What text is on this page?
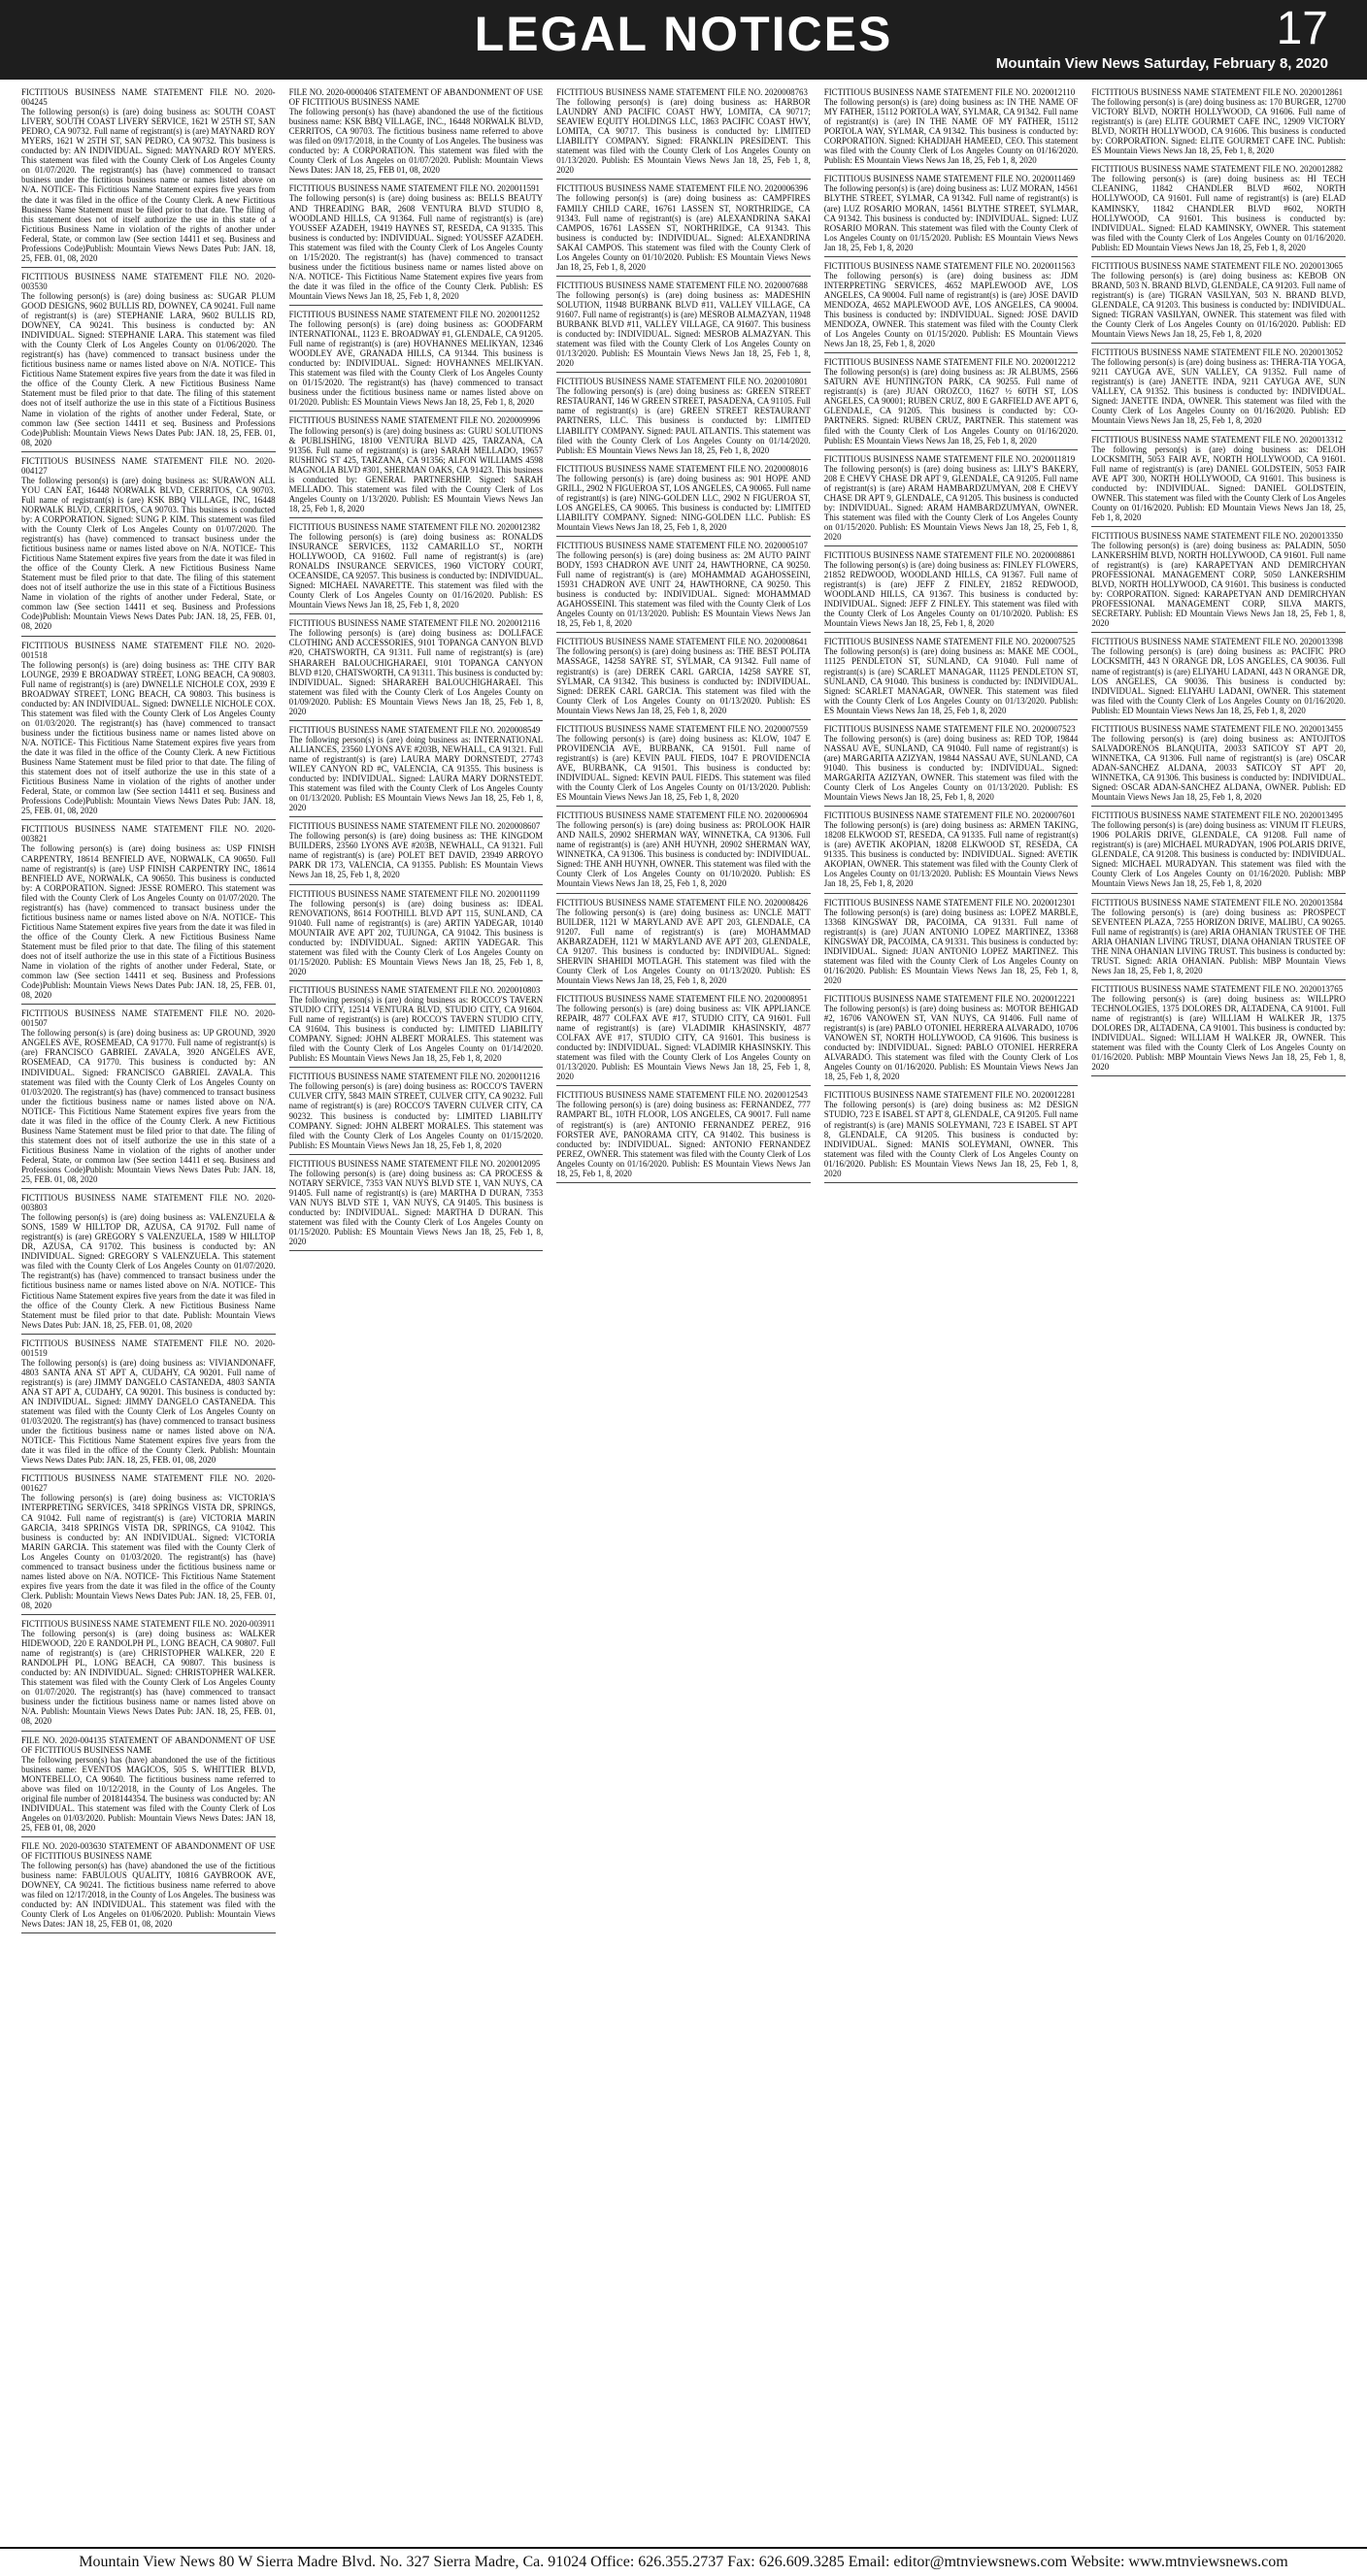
LEGAL NOTICES	17
Mountain View News Saturday, February 8, 2020
FICTITIOUS BUSINESS NAME STATEMENT FILE NO. 2020-004245
The following person(s) is (are) doing business as: SOUTH COAST LIVERY, SOUTH COAST LIVERY SERVICE, 1621 W 25TH ST, SAN PEDRO, CA 90732. Full name of registrant(s) is (are) MAYNARD ROY MYERS, 1621 W 25TH ST, SAN PEDRO, CA 90732. This business is conducted by: AN INDIVIDUAL. Signed: MAYNARD ROY MYERS. This statement was filed with the County Clerk of Los Angeles County on 01/07/2020. The registrant(s) has (have) commenced to transact business under the fictitious business name or names listed above on N/A. NOTICE- This Fictitious Name Statement expires five years from the date it was filed in the office of the County Clerk. A new Fictitious Business Name Statement must be filed prior to that date. The filing of this statement does not of itself authorize the use in this state of a Fictitious Business Name in violation of the rights of another under Federal, State, or common law (See section 14411 et seq. Business and Professions Code)Publish: Mountain Views News Dates Pub: JAN. 18, 25, FEB. 01, 08, 2020
FICTITIOUS BUSINESS NAME STATEMENT FILE NO. 2020-003530
The following person(s) is (are) doing business as: SUGAR PLUM GOOD DESIGNS, 9602 BULLIS RD, DOWNEY, CA 90241. Full name of registrant(s) is (are) STEPHANIE LARA, 9602 BULLIS RD, DOWNEY, CA 90241. This business is conducted by: AN INDIVIDUAL. Signed: STEPHANIE LARA. This statement was filed with the County Clerk of Los Angeles County on 01/06/2020. The registrant(s) has (have) commenced to transact business under the fictitious business name or names listed above on N/A. NOTICE- This Fictitious Name Statement expires five years from the date it was filed in the office of the County Clerk. A new Fictitious Business Name Statement must be filed prior to that date. The filing of this statement does not of itself authorize the use in this state of a Fictitious Business Name in violation of the rights of another under Federal, State, or common law (See section 14411 et seq. Business and Professions Code)Publish: Mountain Views News Dates Pub: JAN. 18, 25, FEB. 01, 08, 2020
FICTITIOUS BUSINESS NAME STATEMENT FILE NO. 2020-004127
The following person(s) is (are) doing business as: SURAWON ALL YOU CAN EAT, 16448 NORWALK BLVD, CERRITOS, CA 90703. Full name of registrant(s) is (are) KSK BBQ VILLAGE, INC, 16448 NORWALK BLVD, CERRITOS, CA 90703. This business is conducted by: A CORPORATION. Signed: SUNG P. KIM. This statement was filed with the County Clerk of Los Angeles County on 01/07/2020. The registrant(s) has (have) commenced to transact business under the fictitious business name or names listed above on N/A. NOTICE- This Fictitious Name Statement expires five years from the date it was filed in the office of the County Clerk. A new Fictitious Business Name Statement must be filed prior to that date. The filing of this statement does not of itself authorize the use in this state of a Fictitious Business Name in violation of the rights of another under Federal, State, or common law (See section 14411 et seq. Business and Professions Code)Publish: Mountain Views News Dates Pub: JAN. 18, 25, FEB. 01, 08, 2020
FICTITIOUS BUSINESS NAME STATEMENT FILE NO. 2020-001518
The following person(s) is (are) doing business as: THE CITY BAR LOUNGE, 2939 E BROADWAY STREET, LONG BEACH, CA 90803. Full name of registrant(s) is (are) DWNELLE NICHOLE COX, 2939 E BROADWAY STREET, LONG BEACH, CA 90803. This business is conducted by: AN INDIVIDUAL. Signed: DWNELLE NICHOLE COX. This statement was filed with the County Clerk of Los Angeles County on 01/03/2020. The registrant(s) has (have) commenced to transact business under the fictitious business name or names listed above on N/A. NOTICE- This Fictitious Name Statement expires five years from the date it was filed in the office of the County Clerk. A new Fictitious Business Name Statement must be filed prior to that date. The filing of this statement does not of itself authorize the use in this state of a Fictitious Business Name in violation of the rights of another under Federal, State, or common law (See section 14411 et seq. Business and Professions Code)Publish: Mountain Views News Dates Pub: JAN. 18, 25, FEB. 01, 08, 2020
FICTITIOUS BUSINESS NAME STATEMENT FILE NO. 2020-003821
The following person(s) is (are) doing business as: USP FINISH CARPENTRY, 18614 BENFIELD AVE, NORWALK, CA 90650. Full name of registrant(s) is (are) USP FINISH CARPENTRY INC, 18614 BENFIELD AVE, NORWALK, CA 90650. This business is conducted by: A CORPORATION. Signed: JESSE ROMERO. This statement was filed with the County Clerk of Los Angeles County on 01/07/2020. The registrant(s) has (have) commenced to transact business under the fictitious business name or names listed above on N/A. NOTICE- This Fictitious Name Statement expires five years from the date it was filed in the office of the County Clerk. A new Fictitious Business Name Statement must be filed prior to that date. The filing of this statement does not of itself authorize the use in this state of a Fictitious Business Name in violation of the rights of another under Federal, State, or common law (See section 14411 et seq. Business and Professions Code)Publish: Mountain Views News Dates Pub: JAN. 18, 25, FEB. 01, 08, 2020
FICTITIOUS BUSINESS NAME STATEMENT FILE NO. 2020-001507
The following person(s) is (are) doing business as: UP GROUND, 3920 ANGELES AVE, ROSEMEAD, CA 91770. Full name of registrant(s) is (are) FRANCISCO GABRIEL ZAVALA, 3920 ANGELES AVE, ROSEMEAD, CA 91770. This business is conducted by: AN INDIVIDUAL. Signed: FRANCISCO GABRIEL ZAVALA. This statement was filed with the County Clerk of Los Angeles County on 01/03/2020. The registrant(s) has (have) commenced to transact business under the fictitious business name or names listed above on N/A. NOTICE- This Fictitious Name Statement expires five years from the date it was filed in the office of the County Clerk. A new Fictitious Business Name Statement must be filed prior to that date. The filing of this statement does not of itself authorize the use in this state of a Fictitious Business Name in violation of the rights of another under Federal, State, or common law (See section 14411 et seq. Business and Professions Code)Publish: Mountain Views News Dates Pub: JAN. 18, 25, FEB. 01, 08, 2020
FICTITIOUS BUSINESS NAME STATEMENT FILE NO. 2020-003803
The following person(s) is (are) doing business as: VALENZUELA & SONS, 1589 W HILLTOP DR, AZUSA, CA 91702. Full name of registrant(s) is (are) GREGORY S VALENZUELA, 1589 W HILLTOP DR, AZUSA, CA 91702. This business is conducted by: AN INDIVIDUAL. Signed: GREGORY S VALENZUELA. This statement was filed with the County Clerk of Los Angeles County on 01/07/2020. The registrant(s) has (have) commenced to transact business under the fictitious business name or names listed above on N/A. NOTICE- This Fictitious Name Statement expires five years from the date it was filed in the office of the County Clerk. A new Fictitious Business Name Statement must be filed prior to that date. Publish: Mountain Views News Dates Pub: JAN. 18, 25, FEB. 01, 08, 2020
FICTITIOUS BUSINESS NAME STATEMENT FILE NO. 2020-001519
The following person(s) is (are) doing business as: VIVIANDONAFF, 4803 SANTA ANA ST APT A, CUDAHY, CA 90201. Full name of registrant(s) is (are) JIMMY DANGELO CASTANEDA, 4803 SANTA ANA ST APT A, CUDAHY, CA 90201. This business is conducted by: AN INDIVIDUAL. Signed: JIMMY DANGELO CASTANEDA. This statement was filed with the County Clerk of Los Angeles County on 01/03/2020. The registrant(s) has (have) commenced to transact business under the fictitious business name or names listed above on N/A. NOTICE- This Fictitious Name Statement expires five years from the date it was filed in the office of the County Clerk. Publish: Mountain Views News Dates Pub: JAN. 18, 25, FEB. 01, 08, 2020
FICTITIOUS BUSINESS NAME STATEMENT FILE NO. 2020-001627
The following person(s) is (are) doing business as: VICTORIA'S INTERPRETING SERVICES, 3418 SPRINGS VISTA DR, SPRINGS, CA 91042. Full name of registrant(s) is (are) VICTORIA MARIN GARCIA, 3418 SPRINGS VISTA DR, SPRINGS, CA 91042. This business is conducted by: AN INDIVIDUAL. Signed: VICTORIA MARIN GARCIA. This statement was filed with the County Clerk of Los Angeles County on 01/03/2020. The registrant(s) has (have) commenced to transact business under the fictitious business name or names listed above on N/A. NOTICE- This Fictitious Name Statement expires five years from the date it was filed in the office of the County Clerk. Publish: Mountain Views News Dates Pub: JAN. 18, 25, FEB. 01, 08, 2020
FICTITIOUS BUSINESS NAME STATEMENT FILE NO. 2020-003911
The following person(s) is (are) doing business as: WALKER HIDEWOOD, 220 E RANDOLPH PL, LONG BEACH, CA 90807. Full name of registrant(s) is (are) CHRISTOPHER WALKER, 220 E RANDOLPH PL, LONG BEACH, CA 90807. This business is conducted by: AN INDIVIDUAL. Signed: CHRISTOPHER WALKER. This statement was filed with the County Clerk of Los Angeles County on 01/07/2020. The registrant(s) has (have) commenced to transact business under the fictitious business name or names listed above on N/A. Publish: Mountain Views News Dates Pub: JAN. 18, 25, FEB. 01, 08, 2020
FILE NO. 2020-004135 STATEMENT OF ABANDONMENT OF USE OF FICTITIOUS BUSINESS NAME
The following person(s) has (have) abandoned the use of the fictitious business name: EVENTOS MAGICOS, 505 S. WHITTIER BLVD, MONTEBELLO, CA 90640. The fictitious business name referred to above was filed on 10/12/2018, in the County of Los Angeles. The original file number of 2018144354. The business was conducted by: AN INDIVIDUAL. This statement was filed with the County Clerk of Los Angeles on 01/03/2020. Publish: Mountain Views News Dates: JAN 18, 25, FEB 01, 08, 2020
FILE NO. 2020-003630 STATEMENT OF ABANDONMENT OF USE OF FICTITIOUS BUSINESS NAME
The following person(s) has (have) abandoned the use of the fictitious business name: FABULOUS QUALITY, 10816 GAYBROOK AVE, DOWNEY, CA 90241. The fictitious business name referred to above was filed on 12/17/2018, in the County of Los Angeles. The business was conducted by: AN INDIVIDUAL. This statement was filed with the County Clerk of Los Angeles on 01/06/2020. Publish: Mountain Views News Dates: JAN 18, 25, FEB 01, 08, 2020
FILE NO. 2020-0000406 STATEMENT OF ABANDONMENT OF USE OF FICTITIOUS BUSINESS NAME
The following person(s) has (have) abandoned the use of the fictitious business name: KSK BBQ VILLAGE, INC., 16448 NORWALK BLVD, CERRITOS, CA 90703. The fictitious business name referred to above was filed on 09/17/2018, in the County of Los Angeles. The business was conducted by: A CORPORATION. This statement was filed with the County Clerk of Los Angeles on 01/07/2020. Publish: Mountain Views News Dates: JAN 18, 25, FEB 01, 08, 2020
FICTITIOUS BUSINESS NAME STATEMENT FILE NO. 2020011591
The following person(s) is (are) doing business as: BELLS BEAUTY AND THREADING BAR, 2608 VENTURA BLVD STUDIO 8, WOODLAND HILLS, CA 91364. Full name of registrant(s) is (are) YOUSSEF AZADEH, 19419 HAYNES ST, RESEDA, CA 91335. This business is conducted by: INDIVIDUAL. Signed: YOUSSEF AZADEH. This statement was filed with the County Clerk of Los Angeles County on 1/15/2020. The registrant(s) has (have) commenced to transact business under the fictitious business name or names listed above on N/A. NOTICE- This Fictitious Name Statement expires five years from the date it was filed in the office of the County Clerk. Publish: ES Mountain Views News Jan 18, 25, Feb 1, 8, 2020
FICTITIOUS BUSINESS NAME STATEMENT FILE NO. 2020011252
The following person(s) is (are) doing business as: GOODFARM INTERNATIONAL, 1123 E. BROADWAY #1, GLENDALE, CA 91205. Full name of registrant(s) is (are) HOVHANNES MELIKYAN, 12346 WOODLEY AVE, GRANADA HILLS, CA 91344. This business is conducted by: INDIVIDUAL. Signed: HOVHANNES MELIKYAN. This statement was filed with the County Clerk of Los Angeles County on 01/15/2020. The registrant(s) has (have) commenced to transact business under the fictitious business name or names listed above on 01/2020. Publish: ES Mountain Views News Jan 18, 25, Feb 1, 8, 2020
FICTITIOUS BUSINESS NAME STATEMENT FILE NO. 2020009996
The following person(s) is (are) doing business as: GURU SOLUTIONS & PUBLISHING, 18100 VENTURA BLVD 425, TARZANA, CA 91356. Full name of registrant(s) is (are) SARAH MELLADO, 19657 RUSHING ST 425, TARZANA, CA 91356; ALFON WILLIAMS 4598 MAGNOLIA BLVD #301, SHERMAN OAKS, CA 91423. This business is conducted by: GENERAL PARTNERSHIP. Signed: SARAH MELLADO. This statement was filed with the County Clerk of Los Angeles County on 1/13/2020. Publish: ES Mountain Views News Jan 18, 25, Feb 1, 8, 2020
FICTITIOUS BUSINESS NAME STATEMENT FILE NO. 2020012382
The following person(s) is (are) doing business as: RONALDS INSURANCE SERVICES, 1132 CAMARILLO ST., NORTH HOLLYWOOD, CA 91602. Full name of registrant(s) is (are) RONALDS INSURANCE SERVICES, 1960 VICTORY COURT, OCEANSIDE, CA 92057. This business is conducted by: INDIVIDUAL. Signed: MICHAEL NAVARETTE. This statement was filed with the County Clerk of Los Angeles County on 01/16/2020. Publish: ES Mountain Views News Jan 18, 25, Feb 1, 8, 2020
FICTITIOUS BUSINESS NAME STATEMENT FILE NO. 2020012116
The following person(s) is (are) doing business as: DOLLFACE CLOTHING AND ACCESSORIES, 9101 TOPANGA CANYON BLVD #20, CHATSWORTH, CA 91311. Full name of registrant(s) is (are) SHARAREH BALOUCHIGHARAEI, 9101 TOPANGA CANYON BLVD #120, CHATSWORTH, CA 91311. This business is conducted by: INDIVIDUAL. Signed: SHARAREH BALOUCHIGHARAEI. This statement was filed with the County Clerk of Los Angeles County on 01/09/2020. Publish: ES Mountain Views News Jan 18, 25, Feb 1, 8, 2020
FICTITIOUS BUSINESS NAME STATEMENT FILE NO. 2020008549
The following person(s) is (are) doing business as: INTERNATIONAL ALLIANCES, 23560 LYONS AVE #203B, NEWHALL, CA 91321. Full name of registrant(s) is (are) LAURA MARY DORNSTEDT, 27743 WILEY CANYON RD #C, VALENCIA, CA 91355. This business is conducted by: INDIVIDUAL. Signed: LAURA MARY DORNSTEDT. This statement was filed with the County Clerk of Los Angeles County on 01/13/2020. Publish: ES Mountain Views News Jan 18, 25, Feb 1, 8, 2020
FICTITIOUS BUSINESS NAME STATEMENT FILE NO. 2020008607
The following person(s) is (are) doing business as: THE KINGDOM BUILDERS, 23560 LYONS AVE #203B, NEWHALL, CA 91321. Full name of registrant(s) is (are) POLET BET DAVID, 23949 ARROYO PARK DR 173, VALENCIA, CA 91355. Publish: ES Mountain Views News Jan 18, 25, Feb 1, 8, 2020
FICTITIOUS BUSINESS NAME STATEMENT FILE NO. 2020011199
The following person(s) is (are) doing business as: IDEAL RENOVATIONS, 8614 FOOTHILL BLVD APT 115, SUNLAND, CA 91040. Full name of registrant(s) is (are) ARTIN YADEGAR, 10140 MOUNTAIR AVE APT 202, TUJUNGA, CA 91042. This business is conducted by: INDIVIDUAL. Signed: ARTIN YADEGAR. This statement was filed with the County Clerk of Los Angeles County on 01/15/2020. Publish: ES Mountain Views News Jan 18, 25, Feb 1, 8, 2020
FICTITIOUS BUSINESS NAME STATEMENT FILE NO. 2020010803
The following person(s) is (are) doing business as: ROCCO'S TAVERN STUDIO CITY, 12514 VENTURA BLVD, STUDIO CITY, CA 91604. Full name of registrant(s) is (are) ROCCO'S TAVERN STUDIO CITY, CA 91604. This business is conducted by: LIMITED LIABILITY COMPANY. Signed: JOHN ALBERT MORALES. This statement was filed with the County Clerk of Los Angeles County on 01/14/2020. Publish: ES Mountain Views News Jan 18, 25, Feb 1, 8, 2020
FICTITIOUS BUSINESS NAME STATEMENT FILE NO. 2020011216
The following person(s) is (are) doing business as: ROCCO'S TAVERN CULVER CITY, 5843 MAIN STREET, CULVER CITY, CA 90232. Full name of registrant(s) is (are) ROCCO'S TAVERN CULVER CITY, CA 90232. This business is conducted by: LIMITED LIABILITY COMPANY. Signed: JOHN ALBERT MORALES. This statement was filed with the County Clerk of Los Angeles County on 01/15/2020. Publish: ES Mountain Views News Jan 18, 25, Feb 1, 8, 2020
FICTITIOUS BUSINESS NAME STATEMENT FILE NO. 2020012095
The following person(s) is (are) doing business as: CA PROCESS & NOTARY SERVICE, 7353 VAN NUYS BLVD STE 1, VAN NUYS, CA 91405. Full name of registrant(s) is (are) MARTHA D DURAN, 7353 VAN NUYS BLVD STE 1, VAN NUYS, CA 91405. This business is conducted by: INDIVIDUAL. Signed: MARTHA D DURAN. This statement was filed with the County Clerk of Los Angeles County on 01/15/2020. Publish: ES Mountain Views News Jan 18, 25, Feb 1, 8, 2020
FICTITIOUS BUSINESS NAME STATEMENT FILE NO. 2020008763
The following person(s) is (are) doing business as: HARBOR LAUNDRY AND PACIFIC COAST HWY, LOMITA, CA 90717; SEAVIEW EQUITY HOLDINGS LLC, 1863 PACIFIC COAST HWY, LOMITA, CA 90717. This business is conducted by: LIMITED LIABILITY COMPANY. Signed: FRANKLIN PRESIDENT. This statement was filed with the County Clerk of Los Angeles County on 01/13/2020. Publish: ES Mountain Views News Jan 18, 25, Feb 1, 8, 2020
FICTITIOUS BUSINESS NAME STATEMENT FILE NO. 2020006396
The following person(s) is (are) doing business as: CAMPFIRES FAMILY CHILD CARE, 16761 LASSEN ST, NORTHRIDGE, CA 91343. Full name of registrant(s) is (are) ALEXANDRINA SAKAI CAMPOS, 16761 LASSEN ST, NORTHRIDGE, CA 91343. This business is conducted by: INDIVIDUAL. Signed: ALEXANDRINA SAKAI CAMPOS. This statement was filed with the County Clerk of Los Angeles County on 01/10/2020. Publish: ES Mountain Views News Jan 18, 25, Feb 1, 8, 2020
FICTITIOUS BUSINESS NAME STATEMENT FILE NO. 2020007688
The following person(s) is (are) doing business as: MADESHIN SOLUTION, 11948 BURBANK BLVD #11, VALLEY VILLAGE, CA 91607. Full name of registrant(s) is (are) MESROB ALMAZYAN, 11948 BURBANK BLVD #11, VALLEY VILLAGE, CA 91607. This business is conducted by: INDIVIDUAL. Signed: MESROB ALMAZYAN. This statement was filed with the County Clerk of Los Angeles County on 01/13/2020. Publish: ES Mountain Views News Jan 18, 25, Feb 1, 8, 2020
FICTITIOUS BUSINESS NAME STATEMENT FILE NO. 2020010801
The following person(s) is (are) doing business as: GREEN STREET RESTAURANT, 146 W GREEN STREET, PASADENA, CA 91105. Full name of registrant(s) is (are) GREEN STREET RESTAURANT PARTNERS, LLC. This business is conducted by: LIMITED LIABILITY COMPANY. Signed: PAUL ATLANTIS. This statement was filed with the County Clerk of Los Angeles County on 01/14/2020. Publish: ES Mountain Views News Jan 18, 25, Feb 1, 8, 2020
FICTITIOUS BUSINESS NAME STATEMENT FILE NO. 2020008016
The following person(s) is (are) doing business as: 901 HOPE AND GRILL, 2902 N FIGUEROA ST, LOS ANGELES, CA 90065. Full name of registrant(s) is (are) NING-GOLDEN LLC, 2902 N FIGUEROA ST, LOS ANGELES, CA 90065. This business is conducted by: LIMITED LIABILITY COMPANY. Signed: NING-GOLDEN LLC. Publish: ES Mountain Views News Jan 18, 25, Feb 1, 8, 2020
FICTITIOUS BUSINESS NAME STATEMENT FILE NO. 2020005107
The following person(s) is (are) doing business as: 2M AUTO PAINT BODY, 1593 CHADRON AVE UNIT 24, HAWTHORNE, CA 90250. Full name of registrant(s) is (are) MOHAMMAD AGAHOSSEINI, 15931 CHADRON AVE UNIT 24, HAWTHORNE, CA 90250. This business is conducted by: INDIVIDUAL. Signed: MOHAMMAD AGAHOSSEINI. This statement was filed with the County Clerk of Los Angeles County on 01/13/2020. Publish: ES Mountain Views News Jan 18, 25, Feb 1, 8, 2020
FICTITIOUS BUSINESS NAME STATEMENT FILE NO. 2020008641
The following person(s) is (are) doing business as: THE BEST POLITA MASSAGE, 14258 SAYRE ST, SYLMAR, CA 91342. Full name of registrant(s) is (are) DEREK CARL GARCIA, 14258 SAYRE ST, SYLMAR, CA 91342. This business is conducted by: INDIVIDUAL. Signed: DEREK CARL GARCIA. This statement was filed with the County Clerk of Los Angeles County on 01/13/2020. Publish: ES Mountain Views News Jan 18, 25, Feb 1, 8, 2020
FICTITIOUS BUSINESS NAME STATEMENT FILE NO. 2020007559
The following person(s) is (are) doing business as: KLOW, 1047 E PROVIDENCIA AVE, BURBANK, CA 91501. Full name of registrant(s) is (are) KEVIN PAUL FIEDS, 1047 E PROVIDENCIA AVE, BURBANK, CA 91501. This business is conducted by: INDIVIDUAL. Signed: KEVIN PAUL FIEDS. This statement was filed with the County Clerk of Los Angeles County on 01/13/2020. Publish: ES Mountain Views News Jan 18, 25, Feb 1, 8, 2020
FICTITIOUS BUSINESS NAME STATEMENT FILE NO. 2020006904
The following person(s) is (are) doing business as: PROLOOK HAIR AND NAILS, 20902 SHERMAN WAY, WINNETKA, CA 91306. Full name of registrant(s) is (are) ANH HUYNH, 20902 SHERMAN WAY, WINNETKA, CA 91306. This business is conducted by: INDIVIDUAL. Signed: THE ANH HUYNH, OWNER. This statement was filed with the County Clerk of Los Angeles County on 01/10/2020. Publish: ES Mountain Views News Jan 18, 25, Feb 1, 8, 2020
FICTITIOUS BUSINESS NAME STATEMENT FILE NO. 2020008426
The following person(s) is (are) doing business as: UNCLE MATT BUILDER, 1121 W MARYLAND AVE APT 203, GLENDALE, CA 91207. Full name of registrant(s) is (are) MOHAMMAD AKBARZADEH, 1121 W MARYLAND AVE APT 203, GLENDALE, CA 91207. This business is conducted by: INDIVIDUAL. Signed: SHERVIN SHAHIDI MOTLAGH. This statement was filed with the County Clerk of Los Angeles County on 01/13/2020. Publish: ES Mountain Views News Jan 18, 25, Feb 1, 8, 2020
FICTITIOUS BUSINESS NAME STATEMENT FILE NO. 2020008951
The following person(s) is (are) doing business as: VIK APPLIANCE REPAIR, 4877 COLFAX AVE #17, STUDIO CITY, CA 91601. Full name of registrant(s) is (are) VLADIMIR KHASINSKIY, 4877 COLFAX AVE #17, STUDIO CITY, CA 91601. This business is conducted by: INDIVIDUAL. Signed: VLADIMIR KHASINSKIY. This statement was filed with the County Clerk of Los Angeles County on 01/13/2020. Publish: ES Mountain Views News Jan 18, 25, Feb 1, 8, 2020
FICTITIOUS BUSINESS NAME STATEMENT FILE NO. 2020012543
The following person(s) is (are) doing business as: FERNANDEZ, 777 RAMPART BL, 10TH FLOOR, LOS ANGELES, CA 90017. Full name of registrant(s) is (are) ANTONIO FERNANDEZ PEREZ, 916 FORSTER AVE, PANORAMA CITY, CA 91402. This business is conducted by: INDIVIDUAL. Signed: ANTONIO FERNANDEZ PEREZ, OWNER. This statement was filed with the County Clerk of Los Angeles County on 01/16/2020. Publish: ES Mountain Views News Jan 18, 25, Feb 1, 8, 2020
FICTITIOUS BUSINESS NAME STATEMENT FILE NO. 2020012110
The following person(s) is (are) doing business as: IN THE NAME OF MY FATHER, 15112 PORTOLA WAY, SYLMAR, CA 91342. Full name of registrant(s) is (are) IN THE NAME OF MY FATHER, 15112 PORTOLA WAY, SYLMAR, CA 91342. This business is conducted by: CORPORATION. Signed: KHADIJAH HAMEED, CEO. This statement was filed with the County Clerk of Los Angeles County on 01/16/2020. Publish: ES Mountain Views News Jan 18, 25, Feb 1, 8, 2020
FICTITIOUS BUSINESS NAME STATEMENT FILE NO. 2020011469
The following person(s) is (are) doing business as: LUZ MORAN, 14561 BLYTHE STREET, SYLMAR, CA 91342. Full name of registrant(s) is (are) LUZ ROSARIO MORAN, 14561 BLYTHE STREET, SYLMAR, CA 91342. This business is conducted by: INDIVIDUAL. Signed: LUZ ROSARIO MORAN. This statement was filed with the County Clerk of Los Angeles County on 01/15/2020. Publish: ES Mountain Views News Jan 18, 25, Feb 1, 8, 2020
FICTITIOUS BUSINESS NAME STATEMENT FILE NO. 2020011563
The following person(s) is (are) doing business as: JDM INTERPRETING SERVICES, 4652 MAPLEWOOD AVE, LOS ANGELES, CA 90004. Full name of registrant(s) is (are) JOSE DAVID MENDOZA, 4652 MAPLEWOOD AVE, LOS ANGELES, CA 90004. This business is conducted by: INDIVIDUAL. Signed: JOSE DAVID MENDOZA, OWNER. This statement was filed with the County Clerk of Los Angeles County on 01/15/2020. Publish: ES Mountain Views News Jan 18, 25, Feb 1, 8, 2020
FICTITIOUS BUSINESS NAME STATEMENT FILE NO. 2020012212
The following person(s) is (are) doing business as: JR ALBUMS, 2566 SATURN AVE HUNTINGTON PARK, CA 90255. Full name of registrant(s) is (are) JUAN OROZCO, 11627 ½ 60TH ST, LOS ANGELES, CA 90001; RUBEN CRUZ, 800 E GARFIELD AVE APT 6, GLENDALE, CA 91205. This business is conducted by: CO-PARTNERS. Signed: RUBEN CRUZ, PARTNER. This statement was filed with the County Clerk of Los Angeles County on 01/16/2020. Publish: ES Mountain Views News Jan 18, 25, Feb 1, 8, 2020
FICTITIOUS BUSINESS NAME STATEMENT FILE NO. 2020011819
The following person(s) is (are) doing business as: LILY'S BAKERY, 208 E CHEVY CHASE DR APT 9, GLENDALE, CA 91205. Full name of registrant(s) is (are) ARAM HAMBARDZUMYAN, 208 E CHEVY CHASE DR APT 9, GLENDALE, CA 91205. This business is conducted by: INDIVIDUAL. Signed: ARAM HAMBARDZUMYAN, OWNER. This statement was filed with the County Clerk of Los Angeles County on 01/15/2020. Publish: ES Mountain Views News Jan 18, 25, Feb 1, 8, 2020
FICTITIOUS BUSINESS NAME STATEMENT FILE NO. 2020008861
The following person(s) is (are) doing business as: FINLEY FLOWERS, 21852 REDWOOD, WOODLAND HILLS, CA 91367. Full name of registrant(s) is (are) JEFF Z FINLEY, 21852 REDWOOD, WOODLAND HILLS, CA 91367. This business is conducted by: INDIVIDUAL. Signed: JEFF Z FINLEY. This statement was filed with the County Clerk of Los Angeles County on 01/10/2020. Publish: ES Mountain Views News Jan 18, 25, Feb 1, 8, 2020
FICTITIOUS BUSINESS NAME STATEMENT FILE NO. 2020007525
The following person(s) is (are) doing business as: MAKE ME COOL, 11125 PENDLETON ST, SUNLAND, CA 91040. Full name of registrant(s) is (are) SCARLET MANAGAR, 11125 PENDLETON ST, SUNLAND, CA 91040. This business is conducted by: INDIVIDUAL. Signed: SCARLET MANAGAR, OWNER. This statement was filed with the County Clerk of Los Angeles County on 01/13/2020. Publish: ES Mountain Views News Jan 18, 25, Feb 1, 8, 2020
FICTITIOUS BUSINESS NAME STATEMENT FILE NO. 2020007523
The following person(s) is (are) doing business as: RED TOP, 19844 NASSAU AVE, SUNLAND, CA 91040. Full name of registrant(s) is (are) MARGARITA AZIZYAN, 19844 NASSAU AVE, SUNLAND, CA 91040. This business is conducted by: INDIVIDUAL. Signed: MARGARITA AZIZYAN, OWNER. This statement was filed with the County Clerk of Los Angeles County on 01/13/2020. Publish: ES Mountain Views News Jan 18, 25, Feb 1, 8, 2020
FICTITIOUS BUSINESS NAME STATEMENT FILE NO. 2020007601
The following person(s) is (are) doing business as: ARMEN TAKING, 18208 ELKWOOD ST, RESEDA, CA 91335. Full name of registrant(s) is (are) AVETIK AKOPIAN, 18208 ELKWOOD ST, RESEDA, CA 91335. This business is conducted by: INDIVIDUAL. Signed: AVETIK AKOPIAN, OWNER. This statement was filed with the County Clerk of Los Angeles County on 01/13/2020. Publish: ES Mountain Views News Jan 18, 25, Feb 1, 8, 2020
FICTITIOUS BUSINESS NAME STATEMENT FILE NO. 2020012301
The following person(s) is (are) doing business as: LOPEZ MARBLE, 13368 KINGSWAY DR, PACOIMA, CA 91331. Full name of registrant(s) is (are) JUAN ANTONIO LOPEZ MARTINEZ, 13368 KINGSWAY DR, PACOIMA, CA 91331. This business is conducted by: INDIVIDUAL. Signed: JUAN ANTONIO LOPEZ MARTINEZ. This statement was filed with the County Clerk of Los Angeles County on 01/16/2020. Publish: ES Mountain Views News Jan 18, 25, Feb 1, 8, 2020
FICTITIOUS BUSINESS NAME STATEMENT FILE NO. 2020012221
The following person(s) is (are) doing business as: MOTOR BEHIGAD #2, 16706 VANOWEN ST, VAN NUYS, CA 91406. Full name of registrant(s) is (are) PABLO OTONIEL HERRERA ALVARADO, 10706 VANOWEN ST, NORTH HOLLYWOOD, CA 91606. This business is conducted by: INDIVIDUAL. Signed: PABLO OTONIEL HERRERA ALVARADO. This statement was filed with the County Clerk of Los Angeles County on 01/16/2020. Publish: ES Mountain Views News Jan 18, 25, Feb 1, 8, 2020
FICTITIOUS BUSINESS NAME STATEMENT FILE NO. 2020012281
The following person(s) is (are) doing business as: M2 DESIGN STUDIO, 723 E ISABEL ST APT 8, GLENDALE, CA 91205. Full name of registrant(s) is (are) MANIS SOLEYMANI, 723 E ISABEL ST APT 8, GLENDALE, CA 91205. This business is conducted by: INDIVIDUAL. Signed: MANIS SOLEYMANI, OWNER. This statement was filed with the County Clerk of Los Angeles County on 01/16/2020. Publish: ES Mountain Views News Jan 18, 25, Feb 1, 8, 2020
FICTITIOUS BUSINESS NAME STATEMENT FILE NO. 2020012861
The following person(s) is (are) doing business as: 170 BURGER, 12700 VICTORY BLVD, NORTH HOLLYWOOD, CA 91606. Full name of registrant(s) is (are) ELITE GOURMET CAFE INC, 12909 VICTORY BLVD, NORTH HOLLYWOOD, CA 91606. This business is conducted by: CORPORATION. Signed: ELITE GOURMET CAFE INC. Publish: ES Mountain Views News Jan 18, 25, Feb 1, 8, 2020
FICTITIOUS BUSINESS NAME STATEMENT FILE NO. 2020012882
The following person(s) is (are) doing business as: HI TECH CLEANING, 11842 CHANDLER BLVD #602, NORTH HOLLYWOOD, CA 91601. Full name of registrant(s) is (are) ELAD KAMINSKY, 11842 CHANDLER BLVD #602, NORTH HOLLYWOOD, CA 91601. This business is conducted by: INDIVIDUAL. Signed: ELAD KAMINSKY, OWNER. This statement was filed with the County Clerk of Los Angeles County on 01/16/2020. Publish: ED Mountain Views News Jan 18, 25, Feb 1, 8, 2020
FICTITIOUS BUSINESS NAME STATEMENT FILE NO. 2020013065
The following person(s) is (are) doing business as: KEBOB ON BRAND, 503 N. BRAND BLVD, GLENDALE, CA 91203. Full name of registrant(s) is (are) TIGRAN VASILYAN, 503 N. BRAND BLVD, GLENDALE, CA 91203. This business is conducted by: INDIVIDUAL. Signed: TIGRAN VASILYAN, OWNER. This statement was filed with the County Clerk of Los Angeles County on 01/16/2020. Publish: ED Mountain Views News Jan 18, 25, Feb 1, 8, 2020
FICTITIOUS BUSINESS NAME STATEMENT FILE NO. 2020013052
The following person(s) is (are) doing business as: THERA-TIA YOGA, 9211 CAYUGA AVE, SUN VALLEY, CA 91352. Full name of registrant(s) is (are) JANETTE INDA, 9211 CAYUGA AVE, SUN VALLEY, CA 91352. This business is conducted by: INDIVIDUAL. Signed: JANETTE INDA, OWNER. This statement was filed with the County Clerk of Los Angeles County on 01/16/2020. Publish: ED Mountain Views News Jan 18, 25, Feb 1, 8, 2020
FICTITIOUS BUSINESS NAME STATEMENT FILE NO. 2020013312
The following person(s) is (are) doing business as: DELOH LOCKSMITH, 5053 FAIR AVE, NORTH HOLLYWOOD, CA 91601. Full name of registrant(s) is (are) DANIEL GOLDSTEIN, 5053 FAIR AVE APT 300, NORTH HOLLYWOOD, CA 91601. This business is conducted by: INDIVIDUAL. Signed: DANIEL GOLDSTEIN, OWNER. This statement was filed with the County Clerk of Los Angeles County on 01/16/2020. Publish: ED Mountain Views News Jan 18, 25, Feb 1, 8, 2020
FICTITIOUS BUSINESS NAME STATEMENT FILE NO. 2020013350
The following person(s) is (are) doing business as: PALADIN, 5050 LANKERSHIM BLVD, NORTH HOLLYWOOD, CA 91601. Full name of registrant(s) is (are) KARAPETYAN AND DEMIRCHYAN PROFESSIONAL MANAGEMENT CORP, 5050 LANKERSHIM BLVD, NORTH HOLLYWOOD, CA 91601. This business is conducted by: CORPORATION. Signed: KARAPETYAN AND DEMIRCHYAN PROFESSIONAL MANAGEMENT CORP, SILVA MARTS, SECRETARY. Publish: ED Mountain Views News Jan 18, 25, Feb 1, 8, 2020
FICTITIOUS BUSINESS NAME STATEMENT FILE NO. 2020013398
The following person(s) is (are) doing business as: PACIFIC PRO LOCKSMITH, 443 N ORANGE DR, LOS ANGELES, CA 90036. Full name of registrant(s) is (are) ELIYAHU LADANI, 443 N ORANGE DR, LOS ANGELES, CA 90036. This business is conducted by: INDIVIDUAL. Signed: ELIYAHU LADANI, OWNER. This statement was filed with the County Clerk of Los Angeles County on 01/16/2020. Publish: ED Mountain Views News Jan 18, 25, Feb 1, 8, 2020
FICTITIOUS BUSINESS NAME STATEMENT FILE NO. 2020013455
The following person(s) is (are) doing business as: ANTOJITOS SALVADORENOS BLANQUITA, 20033 SATICOY ST APT 20, WINNETKA, CA 91306. Full name of registrant(s) is (are) OSCAR ADAN-SANCHEZ ALDANA, 20033 SATICOY ST APT 20, WINNETKA, CA 91306. This business is conducted by: INDIVIDUAL. Signed: OSCAR ADAN-SANCHEZ ALDANA, OWNER. Publish: ED Mountain Views News Jan 18, 25, Feb 1, 8, 2020
FICTITIOUS BUSINESS NAME STATEMENT FILE NO. 2020013495
The following person(s) is (are) doing business as: VINUM IT FLEURS, 1906 POLARIS DRIVE, GLENDALE, CA 91208. Full name of registrant(s) is (are) MICHAEL MURADYAN, 1906 POLARIS DRIVE, GLENDALE, CA 91208. This business is conducted by: INDIVIDUAL. Signed: MICHAEL MURADYAN. This statement was filed with the County Clerk of Los Angeles County on 01/16/2020. Publish: MBP Mountain Views News Jan 18, 25, Feb 1, 8, 2020
FICTITIOUS BUSINESS NAME STATEMENT FILE NO. 2020013584
The following person(s) is (are) doing business as: PROSPECT SEVENTEEN PLAZA, 7255 HORIZON DRIVE, MALIBU, CA 90265. Full name of registrant(s) is (are) ARIA OHANIAN TRUSTEE OF THE ARIA OHANIAN LIVING TRUST, DIANA OHANIAN TRUSTEE OF THE NINA OHANIAN LIVING TRUST. This business is conducted by: TRUST. Signed: ARIA OHANIAN. Publish: MBP Mountain Views News Jan 18, 25, Feb 1, 8, 2020
FICTITIOUS BUSINESS NAME STATEMENT FILE NO. 2020013765
The following person(s) is (are) doing business as: WILLPRO TECHNOLOGIES, 1375 DOLORES DR, ALTADENA, CA 91001. Full name of registrant(s) is (are) WILLIAM H WALKER JR, 1375 DOLORES DR, ALTADENA, CA 91001. This business is conducted by: INDIVIDUAL. Signed: WILLIAM H WALKER JR, OWNER. This statement was filed with the County Clerk of Los Angeles County on 01/16/2020. Publish: MBP Mountain Views News Jan 18, 25, Feb 1, 8, 2020
Mountain View News 80 W Sierra Madre Blvd. No. 327 Sierra Madre, Ca. 91024 Office: 626.355.2737 Fax: 626.609.3285 Email: editor@mtnviewsnews.com Website: www.mtnviewsnews.com
